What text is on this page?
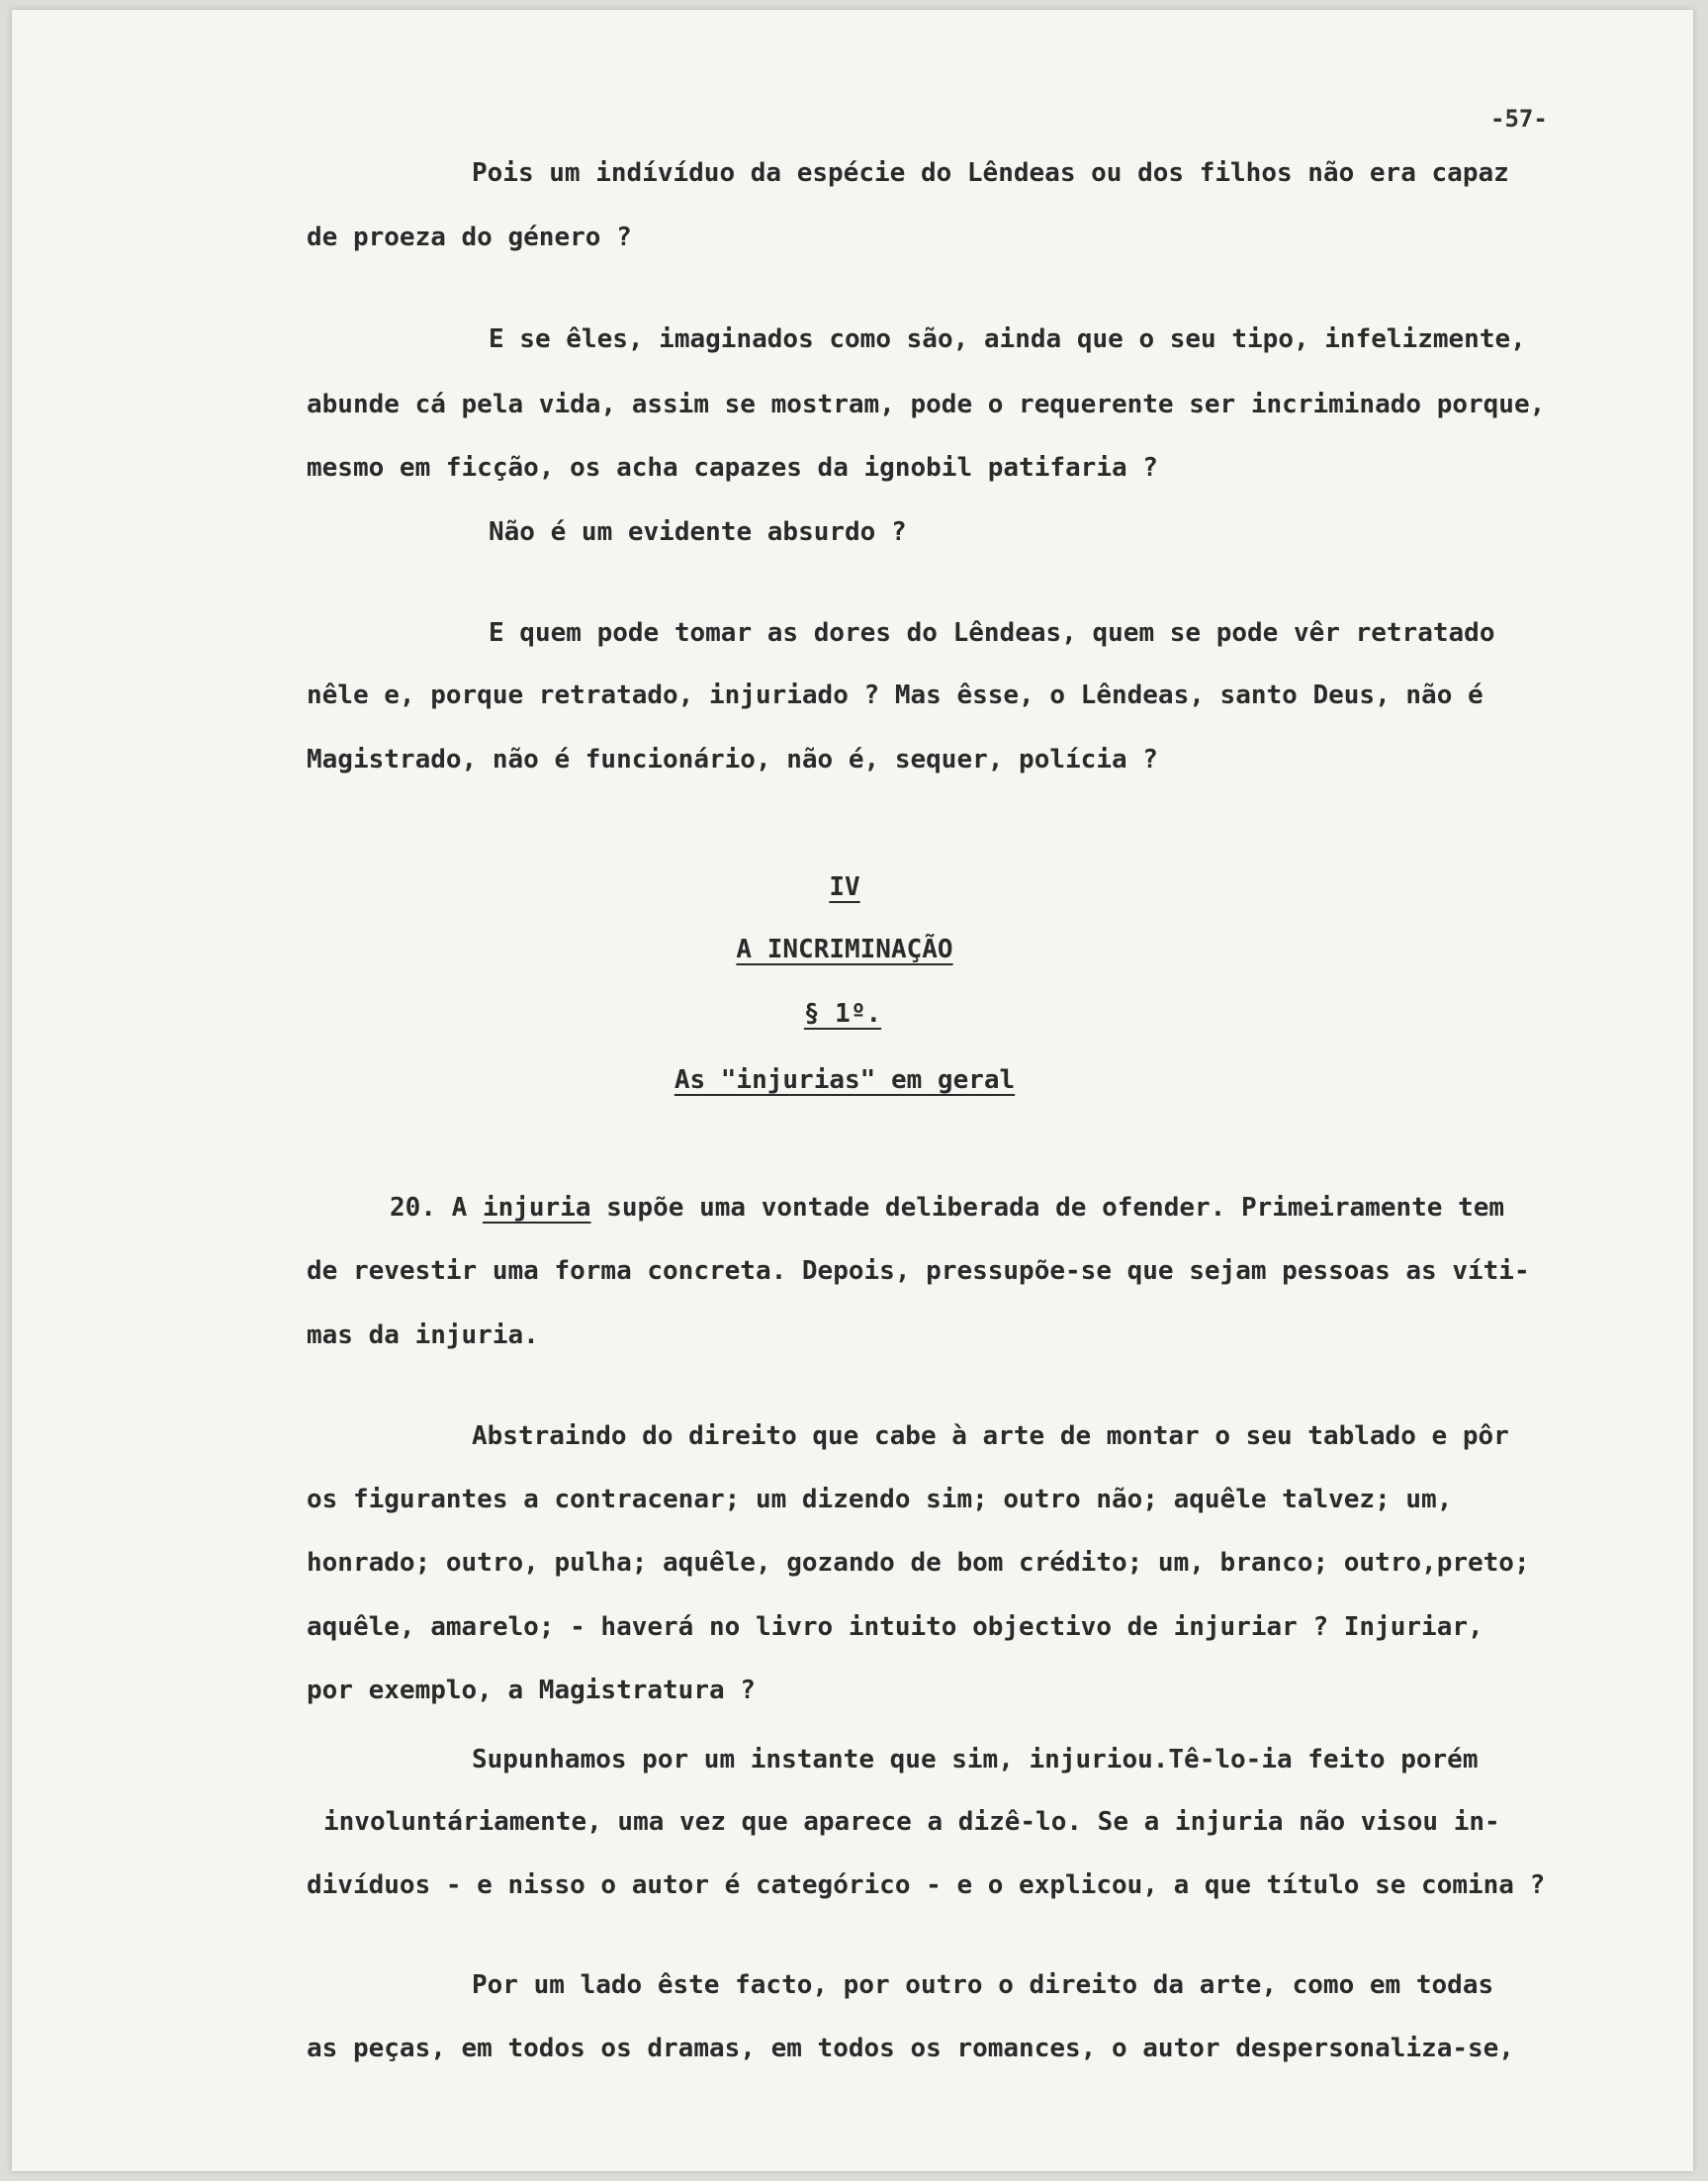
-57-
Pois um indívíduo da espécie do Lêndeas ou dos filhos não era capaz
de proeza do género ?
E se êles, imaginados como são, ainda que o seu tipo, infelizmente,
abunde cá pela vida, assim se mostram, pode o requerente ser incriminado porque,
mesmo em ficção, os acha capazes da ignobil patifaria ?
Não é um evidente absurdo ?
E quem pode tomar as dores do Lêndeas, quem se pode vêr retratado
nêle e, porque retratado, injuriado ? Mas êsse, o Lêndeas, santo Deus, não é
Magistrado, não é funcionário, não é, sequer, polícia ?
IV
A INCRIMINAÇÃO
§ 1º.
As "injurias" em geral
20. A injuria supõe uma vontade deliberada de ofender. Primeiramente tem
de revestir uma forma concreta. Depois, pressupõe-se que sejam pessoas as víti-
mas da injuria.
Abstraindo do direito que cabe à arte de montar o seu tablado e pôr
os figurantes a contracenar; um dizendo sim; outro não; aquêle talvez; um,
honrado; outro, pulha; aquêle, gozando de bom crédito; um, branco; outro,preto;
aquêle, amarelo; - haverá no livro intuito objectivo de injuriar ? Injuriar,
por exemplo, a Magistratura ?
Supunhamos por um instante que sim, injuriou.Tê-lo-ia feito porém
involuntáriamente, uma vez que aparece a dizê-lo. Se a injuria não visou in-
divíduos - e nisso o autor é categórico - e o explicou, a que título se comina ?
Por um lado êste facto, por outro o direito da arte, como em todas
as peças, em todos os dramas, em todos os romances, o autor despersonaliza-se,
